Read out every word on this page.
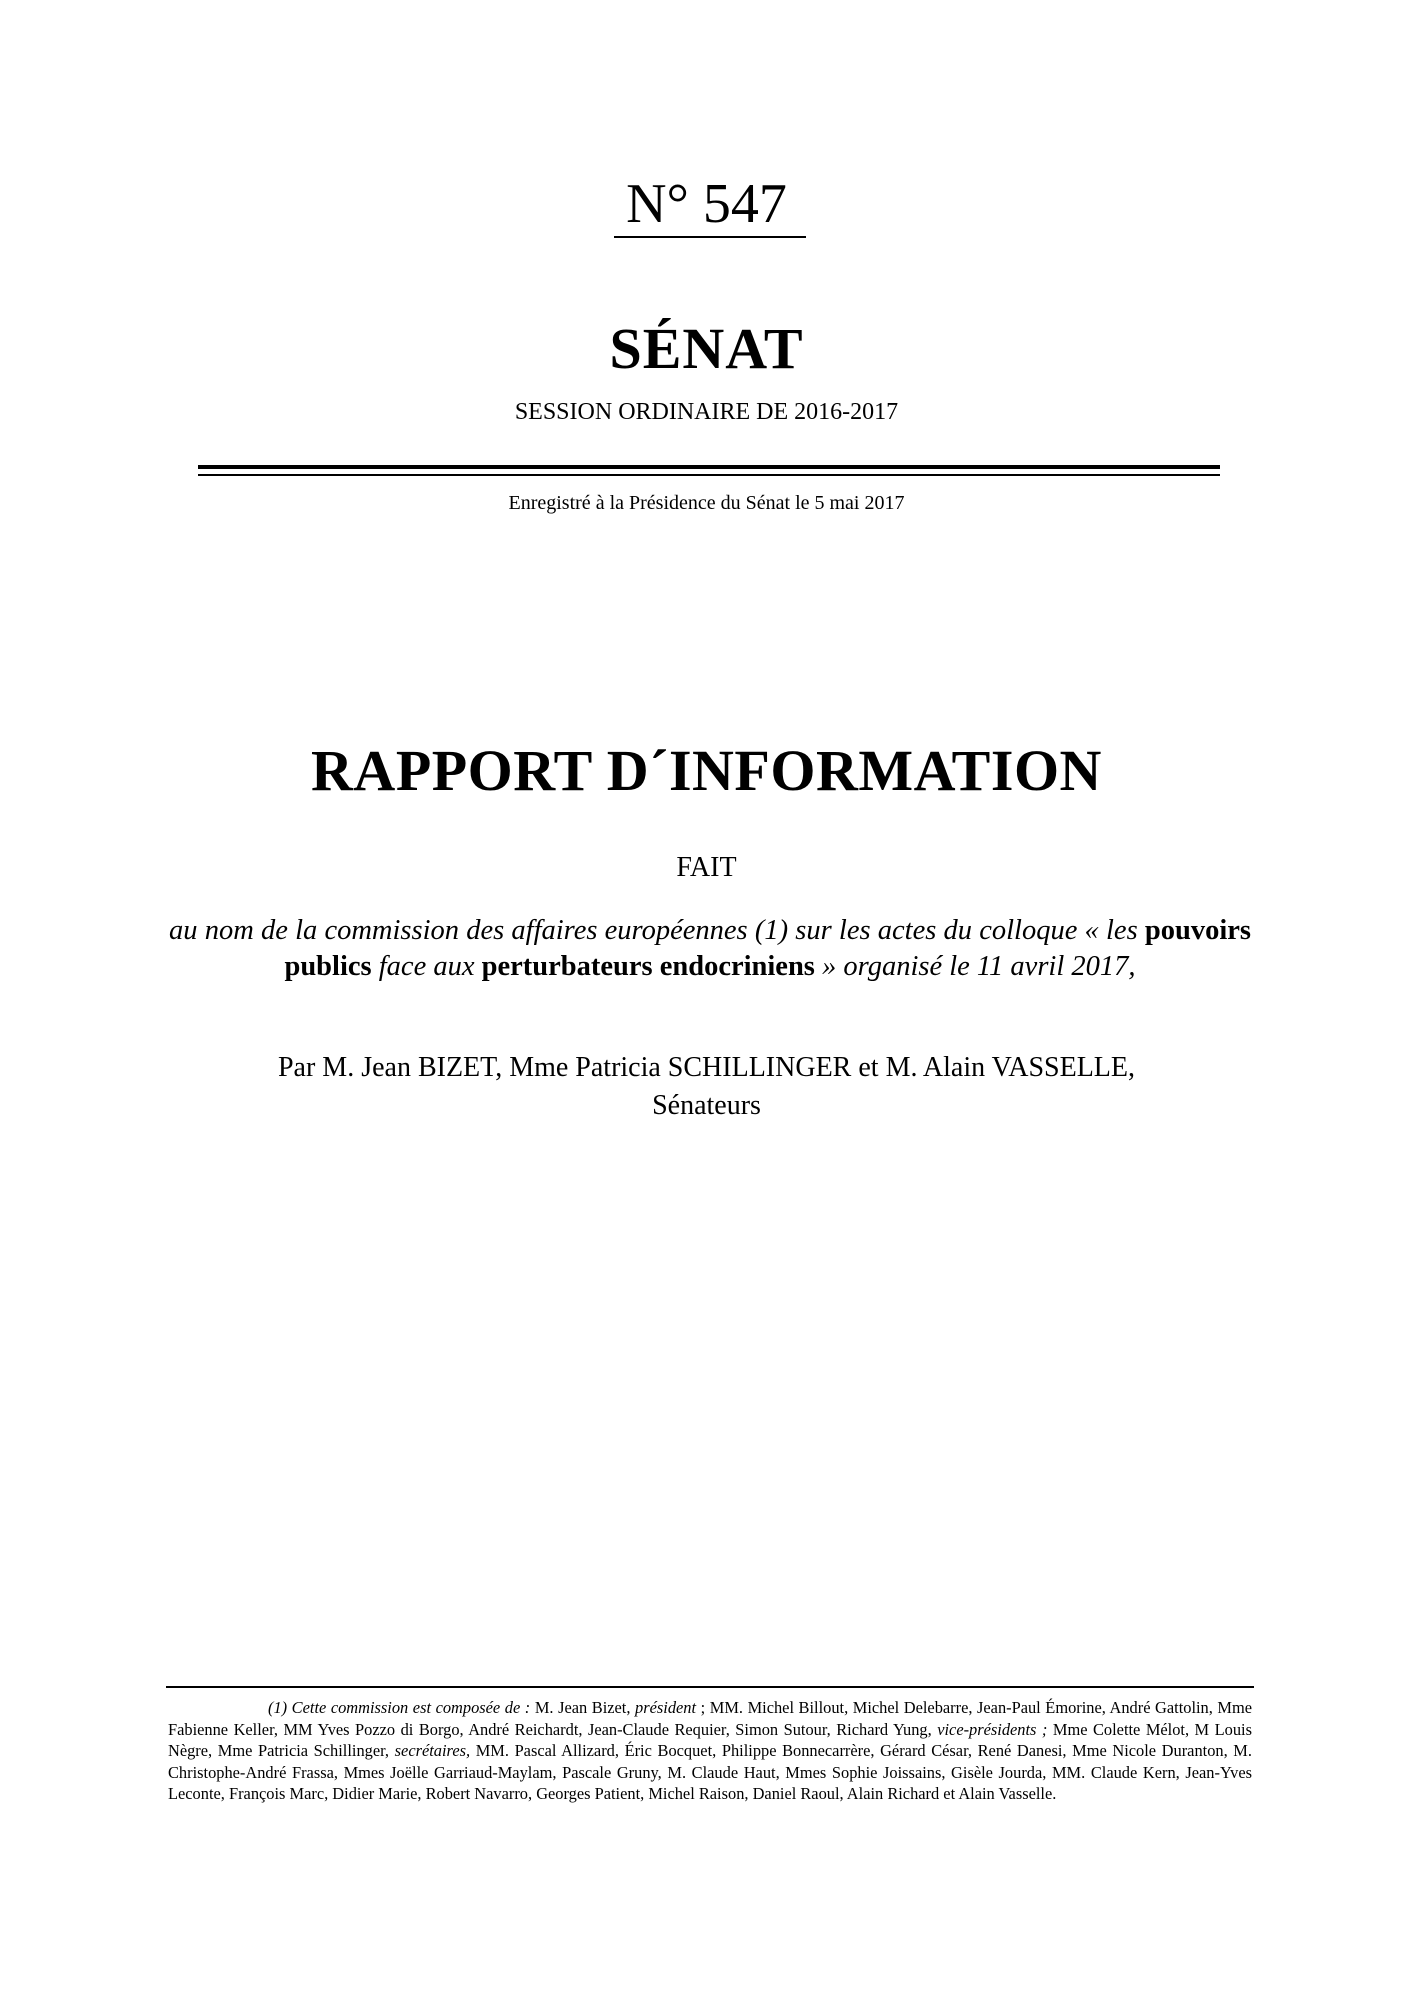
N° 547
SÉNAT
SESSION ORDINAIRE DE 2016-2017
Enregistré à la Présidence du Sénat le 5 mai 2017
RAPPORT D´INFORMATION
FAIT
au nom de la commission des affaires européennes (1) sur les actes du colloque « les pouvoirs publics face aux perturbateurs endocriniens » organisé le 11 avril 2017,
Par M. Jean BIZET, Mme Patricia SCHILLINGER et M. Alain VASSELLE,
Sénateurs
(1) Cette commission est composée de : M. Jean Bizet, président ; MM. Michel Billout, Michel Delebarre, Jean-Paul Émorine, André Gattolin, Mme Fabienne Keller, MM Yves Pozzo di Borgo, André Reichardt, Jean-Claude Requier, Simon Sutour, Richard Yung, vice-présidents ; Mme Colette Mélot, M Louis Nègre, Mme Patricia Schillinger, secrétaires, MM. Pascal Allizard, Éric Bocquet, Philippe Bonnecarrère, Gérard César, René Danesi, Mme Nicole Duranton, M. Christophe-André Frassa, Mmes Joëlle Garriaud-Maylam, Pascale Gruny, M. Claude Haut, Mmes Sophie Joissains, Gisèle Jourda, MM. Claude Kern, Jean-Yves Leconte, François Marc, Didier Marie, Robert Navarro, Georges Patient, Michel Raison, Daniel Raoul, Alain Richard et Alain Vasselle.
